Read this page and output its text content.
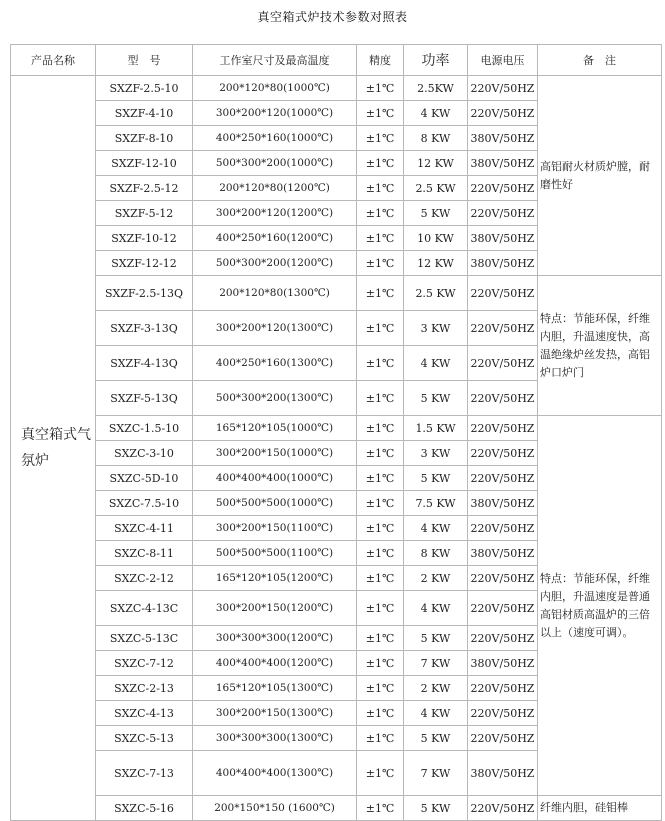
真空箱式炉技术参数对照表
产品名称	型　号	工作室尺寸及最高温度	精度	功率	电源电压	备　注
真空箱式气氛炉	SXZF-2.5-10	200*120*80(1000℃)	±1℃	2.5KW	220V/50HZ	高铝耐火材质炉膛，耐磨性好
	SXZF-4-10	300*200*120(1000℃)	±1℃	4 KW	220V/50HZ	
	SXZF-8-10	400*250*160(1000℃)	±1℃	8 KW	380V/50HZ	
	SXZF-12-10	500*300*200(1000℃)	±1℃	12 KW	380V/50HZ	
	SXZF-2.5-12	200*120*80(1200℃)	±1℃	2.5 KW	220V/50HZ	
	SXZF-5-12	300*200*120(1200℃)	±1℃	5 KW	220V/50HZ	
	SXZF-10-12	400*250*160(1200℃)	±1℃	10 KW	380V/50HZ	
	SXZF-12-12	500*300*200(1200℃)	±1℃	12 KW	380V/50HZ	
	SXZF-2.5-13Q	200*120*80(1300℃)	±1℃	2.5 KW	220V/50HZ	特点：节能环保，纤维内胆，升温速度快，高温绝缘炉丝发热，高铝炉口炉门
	SXZF-3-13Q	300*200*120(1300℃)	±1℃	3 KW	220V/50HZ	
	SXZF-4-13Q	400*250*160(1300℃)	±1℃	4 KW	220V/50HZ	
	SXZF-5-13Q	500*300*200(1300℃)	±1℃	5 KW	220V/50HZ	
	SXZC-1.5-10	165*120*105(1000℃)	±1℃	1.5 KW	220V/50HZ	特点：节能环保，纤维内胆，升温速度是普通高铝材质高温炉的三倍以上（速度可调）。
	SXZC-3-10	300*200*150(1000℃)	±1℃	3 KW	220V/50HZ	
	SXZC-5D-10	400*400*400(1000℃)	±1℃	5 KW	220V/50HZ	
	SXZC-7.5-10	500*500*500(1000℃)	±1℃	7.5 KW	380V/50HZ	
	SXZC-4-11	300*200*150(1100℃)	±1℃	4 KW	220V/50HZ	
	SXZC-8-11	500*500*500(1100℃)	±1℃	8 KW	380V/50HZ	
	SXZC-2-12	165*120*105(1200℃)	±1℃	2 KW	220V/50HZ	
	SXZC-4-13C	300*200*150(1200℃)	±1℃	4 KW	220V/50HZ	
	SXZC-5-13C	300*300*300(1200℃)	±1℃	5 KW	220V/50HZ	
	SXZC-7-12	400*400*400(1200℃)	±1℃	7 KW	380V/50HZ	
	SXZC-2-13	165*120*105(1300℃)	±1℃	2 KW	220V/50HZ	
	SXZC-4-13	300*200*150(1300℃)	±1℃	4 KW	220V/50HZ	
	SXZC-5-13	300*300*300(1300℃)	±1℃	5 KW	220V/50HZ	
	SXZC-7-13	400*400*400(1300℃)	±1℃	7 KW	380V/50HZ	
	SXZC-5-16	200*150*150 (1600℃)	±1℃	5 KW	220V/50HZ	纤维内胆，硅钼棒
